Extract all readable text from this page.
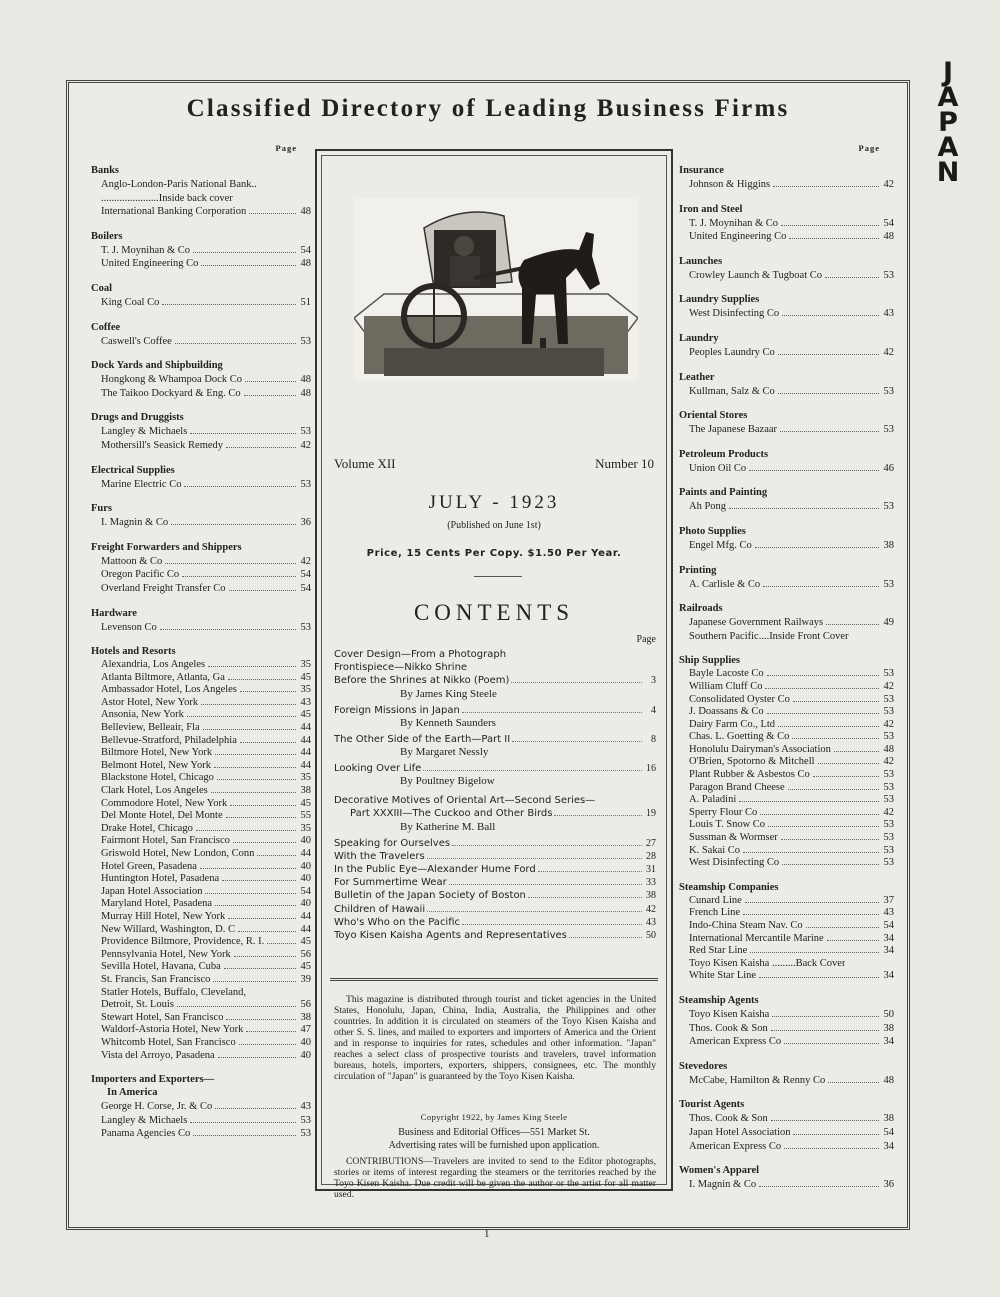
J
A
P
A
N
Classified Directory of Leading Business Firms
Page
Banks
Anglo-London-Paris National Bank..
......................Inside back cover
International Banking Corporation	48
Boilers
T. J. Moynihan & Co	54
United Engineering Co	48
Coal
King Coal Co	51
Coffee
Caswell's Coffee	53
Dock Yards and Shipbuilding
Hongkong & Whampoa Dock Co	48
The Taikoo Dockyard & Eng. Co	48
Drugs and Druggists
Langley & Michaels	53
Mothersill's Seasick Remedy	42
Electrical Supplies
Marine Electric Co	53
Furs
I. Magnin & Co	36
Freight Forwarders and Shippers
Mattoon & Co	42
Oregon Pacific Co	54
Overland Freight Transfer Co	54
Hardware
Levenson Co	53
Hotels and Resorts
Alexandria, Los Angeles	35
Atlanta Biltmore, Atlanta, Ga	45
Ambassador Hotel, Los Angeles	35
Astor Hotel, New York	43
Ansonia, New York	45
Belleview, Belleair, Fla	44
Bellevue-Stratford, Philadelphia	44
Biltmore Hotel, New York	44
Belmont Hotel, New York	44
Blackstone Hotel, Chicago	35
Clark Hotel, Los Angeles	38
Commodore Hotel, New York	45
Del Monte Hotel, Del Monte	55
Drake Hotel, Chicago	35
Fairmont Hotel, San Francisco	40
Griswold Hotel, New London, Conn	44
Hotel Green, Pasadena	40
Huntington Hotel, Pasadena	40
Japan Hotel Association	54
Maryland Hotel, Pasadena	40
Murray Hill Hotel, New York	44
New Willard, Washington, D. C	44
Providence Biltmore, Providence, R. I.	45
Pennsylvania Hotel, New York	56
Sevilla Hotel, Havana, Cuba	45
St. Francis, San Francisco	39
Statler Hotels, Buffalo, Cleveland,
Detroit, St. Louis	56
Stewart Hotel, San Francisco	38
Waldorf-Astoria Hotel, New York	47
Whitcomb Hotel, San Francisco	40
Vista del Arroyo, Pasadena	40
Importers and Exporters—
In America
George H. Corse, Jr. & Co	43
Langley & Michaels	53
Panama Agencies Co	53
Volume XII	Number 10
JULY - 1923
(Published on June 1st)
Price, 15 Cents Per Copy. $1.50 Per Year.
CONTENTS
Page
Cover Design—From a Photograph
Frontispiece—Nikko Shrine
Before the Shrines at Nikko (Poem)	3
By James King Steele
Foreign Missions in Japan	4
By Kenneth Saunders
The Other Side of the Earth—Part II	8
By Margaret Nessly
Looking Over Life	16
By Poultney Bigelow
Decorative Motives of Oriental Art—Second Series—
Part XXXIII—The Cuckoo and Other Birds	19
By Katherine M. Ball
Speaking for Ourselves	27
With the Travelers	28
In the Public Eye—Alexander Hume Ford	31
For Summertime Wear	33
Bulletin of the Japan Society of Boston	38
Children of Hawaii	42
Who's Who on the Pacific	43
Toyo Kisen Kaisha Agents and Representatives	50
This magazine is distributed through tourist and ticket agencies in the United States, Honolulu, Japan, China, India, Australia, the Philippines and other countries. In addition it is circulated on steamers of the Toyo Kisen Kaisha and other S. S. lines, and mailed to exporters and importers of America and the Orient and in response to inquiries for rates, schedules and other information. "Japan" reaches a select class of prospective tourists and travelers, travel information bureaus, hotels, importers, exporters, shippers, consignees, etc. The monthly circulation of "Japan" is guaranteed by the Toyo Kisen Kaisha.
Copyright 1922, by James King Steele
Business and Editorial Offices—551 Market St.
Advertising rates will be furnished upon application.
CONTRIBUTIONS—Travelers are invited to send to the Editor photographs, stories or items of interest regarding the steamers or the territories reached by the Toyo Kisen Kaisha. Due credit will be given the author or the artist for all matter used.
Page
Insurance
Johnson & Higgins	42
Iron and Steel
T. J. Moynihan & Co	54
United Engineering Co	48
Launches
Crowley Launch & Tugboat Co	53
Laundry Supplies
West Disinfecting Co	43
Laundry
Peoples Laundry Co	42
Leather
Kullman, Salz & Co	53
Oriental Stores
The Japanese Bazaar	53
Petroleum Products
Union Oil Co	46
Paints and Painting
Ah Pong	53
Photo Supplies
Engel Mfg. Co	38
Printing
A. Carlisle & Co	53
Railroads
Japanese Government Railways	49
Southern Pacific....Inside Front Cover
Ship Supplies
Bayle Lacoste Co	53
William Cluff Co	42
Consolidated Oyster Co	53
J. Doassans & Co	53
Dairy Farm Co., Ltd	42
Chas. L. Goetting & Co	53
Honolulu Dairyman's Association	48
O'Brien, Spotorno & Mitchell	42
Plant Rubber & Asbestos Co	53
Paragon Brand Cheese	53
A. Paladini	53
Sperry Flour Co	42
Louis T. Snow Co	53
Sussman & Wormser	53
K. Sakai Co	53
West Disinfecting Co	53
Steamship Companies
Cunard Line	37
French Line	43
Indo-China Steam Nav. Co	54
International Mercantile Marine	34
Red Star Line	34
Toyo Kisen Kaisha .........Back Cover
White Star Line	34
Steamship Agents
Toyo Kisen Kaisha	50
Thos. Cook & Son	38
American Express Co	34
Stevedores
McCabe, Hamilton & Renny Co	48
Tourist Agents
Thos. Cook & Son	38
Japan Hotel Association	54
American Express Co	34
Women's Apparel
I. Magnin & Co	36
1
